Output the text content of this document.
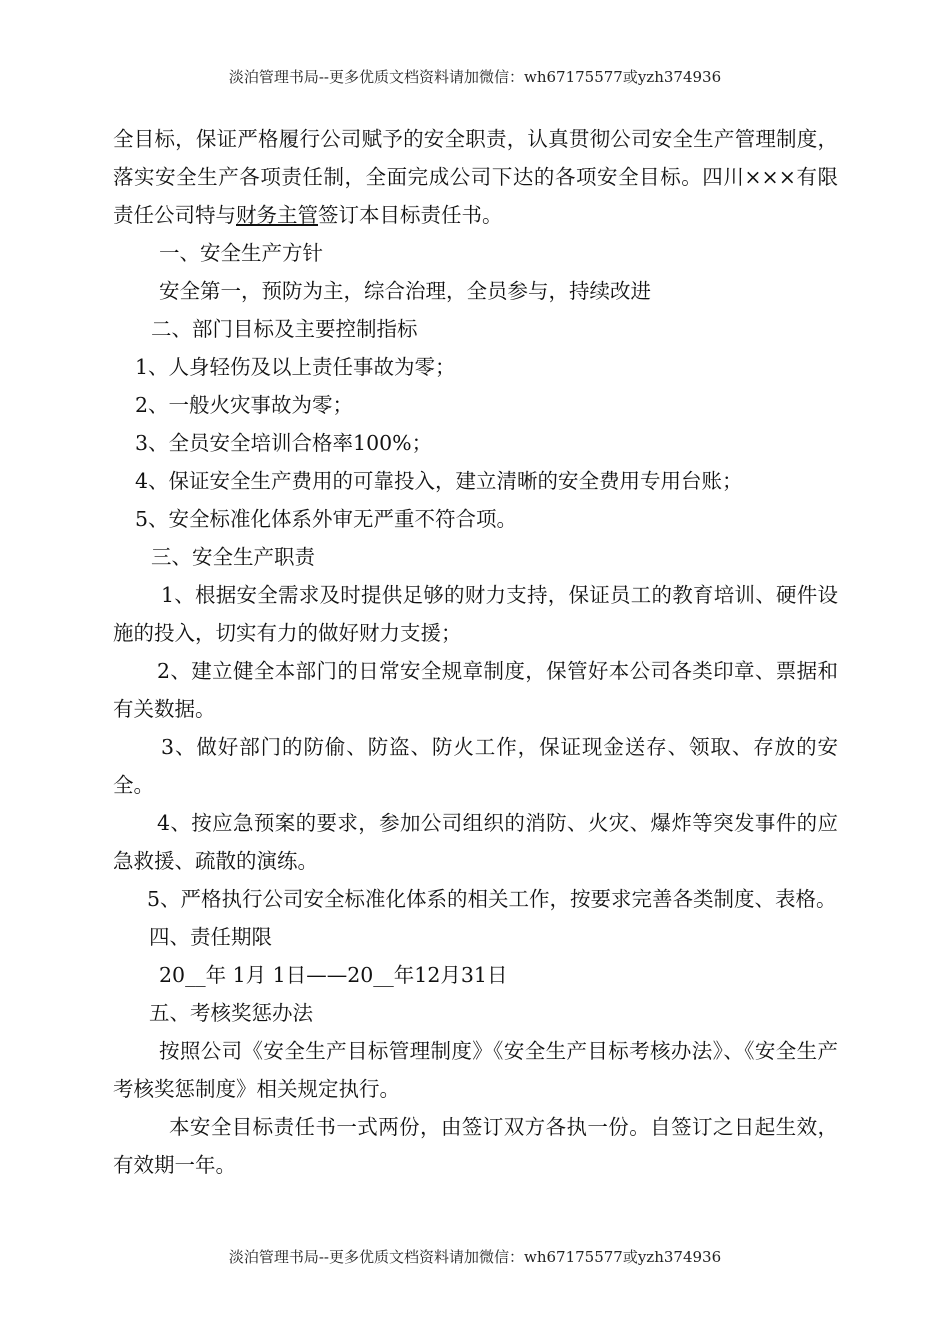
淡泊管理书局--更多优质文档资料请加微信：wh67175577或yzh374936

全目标，保证严格履行公司赋予的安全职责，认真贯彻公司安全生产管理制度，落实安全生产各项责任制，全面完成公司下达的各项安全目标。四川×××有限责任公司特与财务主管签订本目标责任书。

一、安全生产方针

安全第一，预防为主，综合治理，全员参与，持续改进

二、部门目标及主要控制指标

1、人身轻伤及以上责任事故为零；

2、一般火灾事故为零；

3、全员安全培训合格率100%；

4、保证安全生产费用的可靠投入，建立清晰的安全费用专用台账；

5、安全标准化体系外审无严重不符合项。

三、安全生产职责

1、根据安全需求及时提供足够的财力支持，保证员工的教育培训、硬件设施的投入，切实有力的做好财力支援；

2、建立健全本部门的日常安全规章制度，保管好本公司各类印章、票据和有关数据。

3、做好部门的防偷、防盗、防火工作，保证现金送存、领取、存放的安全。

4、按应急预案的要求，参加公司组织的消防、火灾、爆炸等突发事件的应急救援、疏散的演练。

5、严格执行公司安全标准化体系的相关工作，按要求完善各类制度、表格。

四、责任期限

20__年 1月 1日——20__年12月31日

五、考核奖惩办法

按照公司《安全生产目标管理制度》《安全生产目标考核办法》、《安全生产考核奖惩制度》相关规定执行。

本安全目标责任书一式两份，由签订双方各执一份。自签订之日起生效，有效期一年。

淡泊管理书局--更多优质文档资料请加微信：wh67175577或yzh374936
